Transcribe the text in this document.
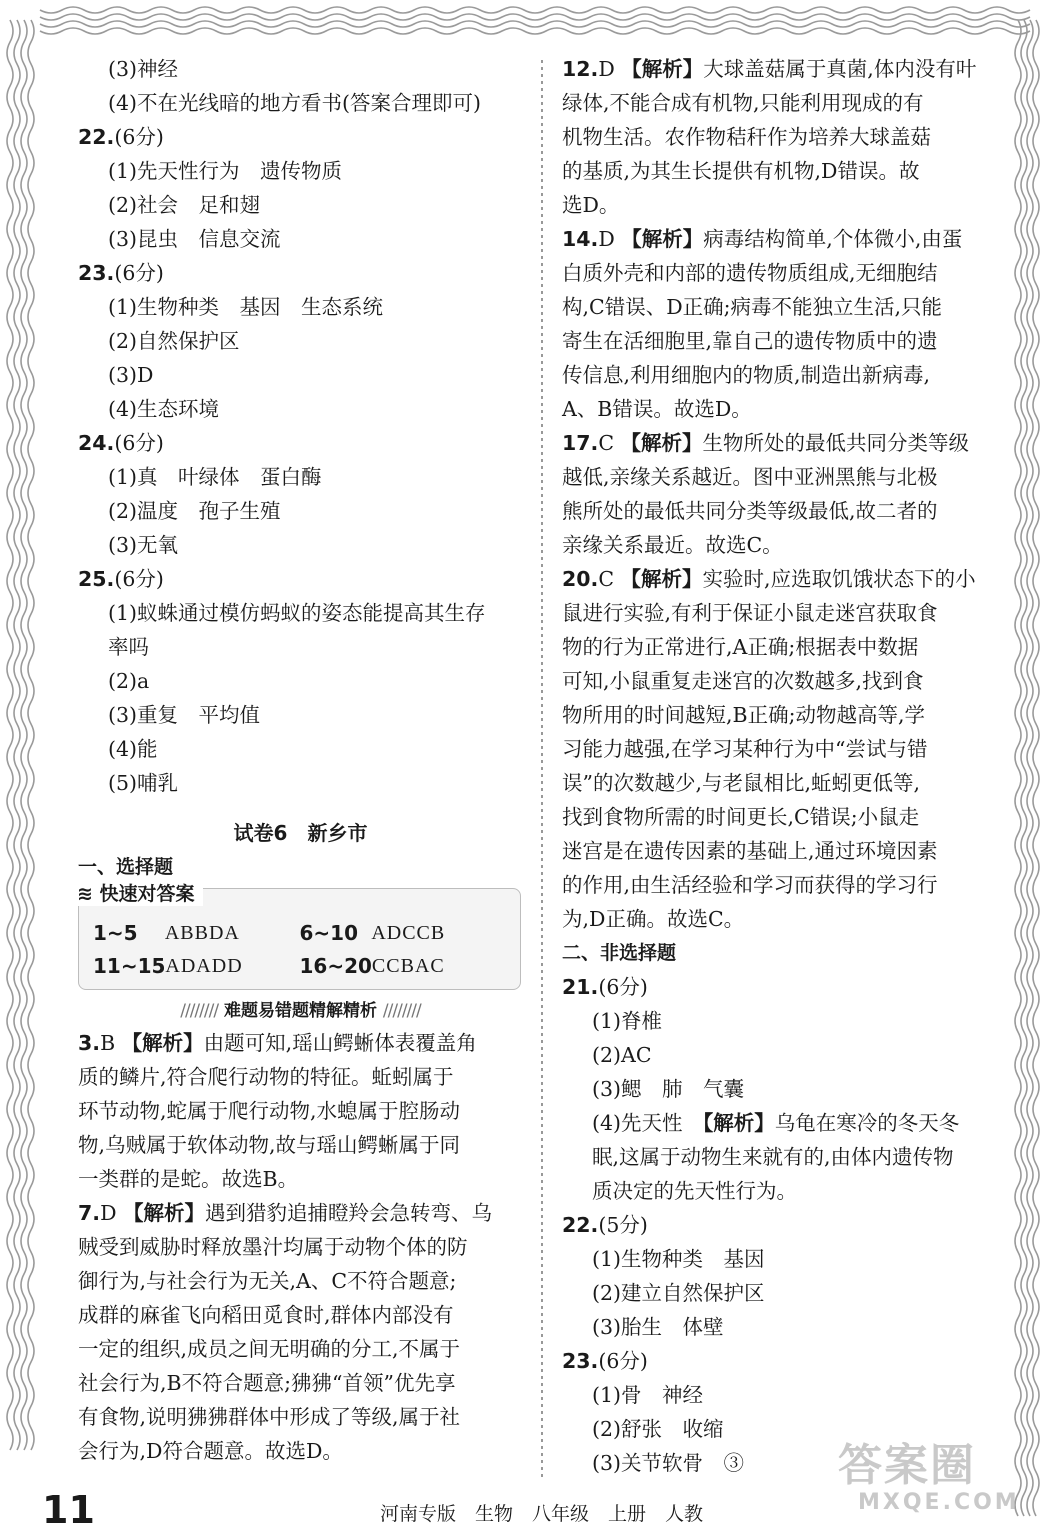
(3)神经
(4)不在光线暗的地方看书(答案合理即可)
22.(6分)
(1)先天性行为　遗传物质
(2)社会　足和翅
(3)昆虫　信息交流
23.(6分)
(1)生物种类　基因　生态系统
(2)自然保护区
(3)D
(4)生态环境
24.(6分)
(1)真　叶绿体　蛋白酶
(2)温度　孢子生殖
(3)无氧
25.(6分)
(1)蚁蛛通过模仿蚂蚁的姿态能提高其生存
率吗
(2)a
(3)重复　平均值
(4)能
(5)哺乳
试卷6　新乡市
一、选择题
≋ 快速对答案
1~5	ABBDA	6~10 ADCCB
11~15 ADADD	16~20 CCBAC
//////// 难题易错题精解精析 ////////
3.B 【解析】由题可知,瑶山鳄蜥体表覆盖角
质的鳞片,符合爬行动物的特征。蚯蚓属于
环节动物,蛇属于爬行动物,水螅属于腔肠动
物,乌贼属于软体动物,故与瑶山鳄蜥属于同
一类群的是蛇。故选B。
7.D 【解析】遇到猎豹追捕瞪羚会急转弯、乌
贼受到威胁时释放墨汁均属于动物个体的防
御行为,与社会行为无关,A、C不符合题意;
成群的麻雀飞向稻田觅食时,群体内部没有
一定的组织,成员之间无明确的分工,不属于
社会行为,B不符合题意;狒狒“首领”优先享
有食物,说明狒狒群体中形成了等级,属于社
会行为,D符合题意。故选D。
12.D 【解析】大球盖菇属于真菌,体内没有叶
绿体,不能合成有机物,只能利用现成的有
机物生活。农作物秸秆作为培养大球盖菇
的基质,为其生长提供有机物,D错误。故
选D。
14.D 【解析】病毒结构简单,个体微小,由蛋
白质外壳和内部的遗传物质组成,无细胞结
构,C错误、D正确;病毒不能独立生活,只能
寄生在活细胞里,靠自己的遗传物质中的遗
传信息,利用细胞内的物质,制造出新病毒,
A、B错误。故选D。
17.C 【解析】生物所处的最低共同分类等级
越低,亲缘关系越近。图中亚洲黑熊与北极
熊所处的最低共同分类等级最低,故二者的
亲缘关系最近。故选C。
20.C 【解析】实验时,应选取饥饿状态下的小
鼠进行实验,有利于保证小鼠走迷宫获取食
物的行为正常进行,A正确;根据表中数据
可知,小鼠重复走迷宫的次数越多,找到食
物所用的时间越短,B正确;动物越高等,学
习能力越强,在学习某种行为中“尝试与错
误”的次数越少,与老鼠相比,蚯蚓更低等,
找到食物所需的时间更长,C错误;小鼠走
迷宫是在遗传因素的基础上,通过环境因素
的作用,由生活经验和学习而获得的学习行
为,D正确。故选C。
二、非选择题
21.(6分)
(1)脊椎
(2)AC
(3)鳃　肺　气囊
(4)先天性　【解析】乌龟在寒冷的冬天冬
眠,这属于动物生来就有的,由体内遗传物
质决定的先天性行为。
22.(5分)
(1)生物种类　基因
(2)建立自然保护区
(3)胎生　体壁
23.(6分)
(1)骨　神经
(2)舒张　收缩
(3)关节软骨　③
11	河南专版　生物　八年级　上册　人教
答案圈
MXQE.COM
